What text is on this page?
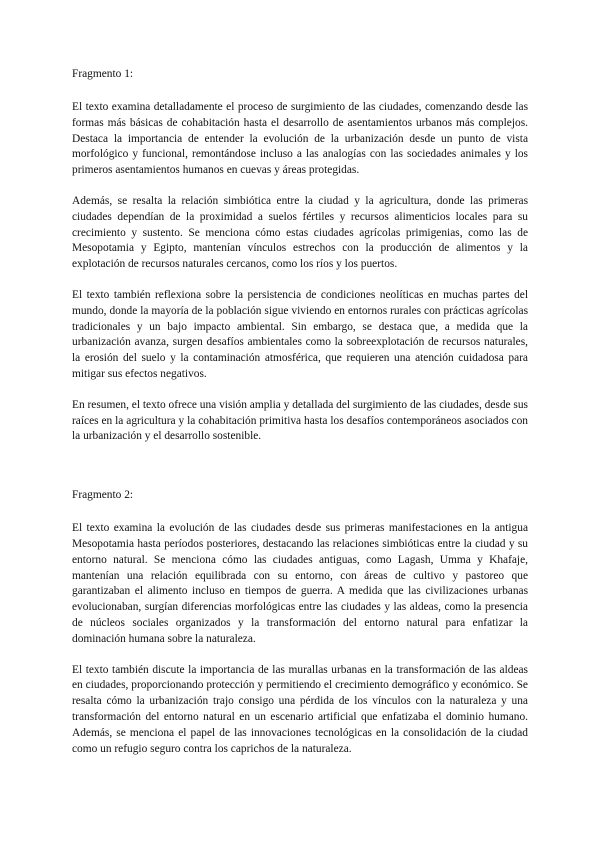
Fragmento 1:

El texto examina detalladamente el proceso de surgimiento de las ciudades, comenzando desde las formas más básicas de cohabitación hasta el desarrollo de asentamientos urbanos más complejos. Destaca la importancia de entender la evolución de la urbanización desde un punto de vista morfológico y funcional, remontándose incluso a las analogías con las sociedades animales y los primeros asentamientos humanos en cuevas y áreas protegidas.

Además, se resalta la relación simbiótica entre la ciudad y la agricultura, donde las primeras ciudades dependían de la proximidad a suelos fértiles y recursos alimenticios locales para su crecimiento y sustento. Se menciona cómo estas ciudades agrícolas primigenias, como las de Mesopotamia y Egipto, mantenían vínculos estrechos con la producción de alimentos y la explotación de recursos naturales cercanos, como los ríos y los puertos.

El texto también reflexiona sobre la persistencia de condiciones neolíticas en muchas partes del mundo, donde la mayoría de la población sigue viviendo en entornos rurales con prácticas agrícolas tradicionales y un bajo impacto ambiental. Sin embargo, se destaca que, a medida que la urbanización avanza, surgen desafíos ambientales como la sobreexplotación de recursos naturales, la erosión del suelo y la contaminación atmosférica, que requieren una atención cuidadosa para mitigar sus efectos negativos.

En resumen, el texto ofrece una visión amplia y detallada del surgimiento de las ciudades, desde sus raíces en la agricultura y la cohabitación primitiva hasta los desafíos contemporáneos asociados con la urbanización y el desarrollo sostenible.

Fragmento 2:

El texto examina la evolución de las ciudades desde sus primeras manifestaciones en la antigua Mesopotamia hasta períodos posteriores, destacando las relaciones simbióticas entre la ciudad y su entorno natural. Se menciona cómo las ciudades antiguas, como Lagash, Umma y Khafaje, mantenían una relación equilibrada con su entorno, con áreas de cultivo y pastoreo que garantizaban el alimento incluso en tiempos de guerra. A medida que las civilizaciones urbanas evolucionaban, surgían diferencias morfológicas entre las ciudades y las aldeas, como la presencia de núcleos sociales organizados y la transformación del entorno natural para enfatizar la dominación humana sobre la naturaleza.

El texto también discute la importancia de las murallas urbanas en la transformación de las aldeas en ciudades, proporcionando protección y permitiendo el crecimiento demográfico y económico. Se resalta cómo la urbanización trajo consigo una pérdida de los vínculos con la naturaleza y una transformación del entorno natural en un escenario artificial que enfatizaba el dominio humano. Además, se menciona el papel de las innovaciones tecnológicas en la consolidación de la ciudad como un refugio seguro contra los caprichos de la naturaleza.
